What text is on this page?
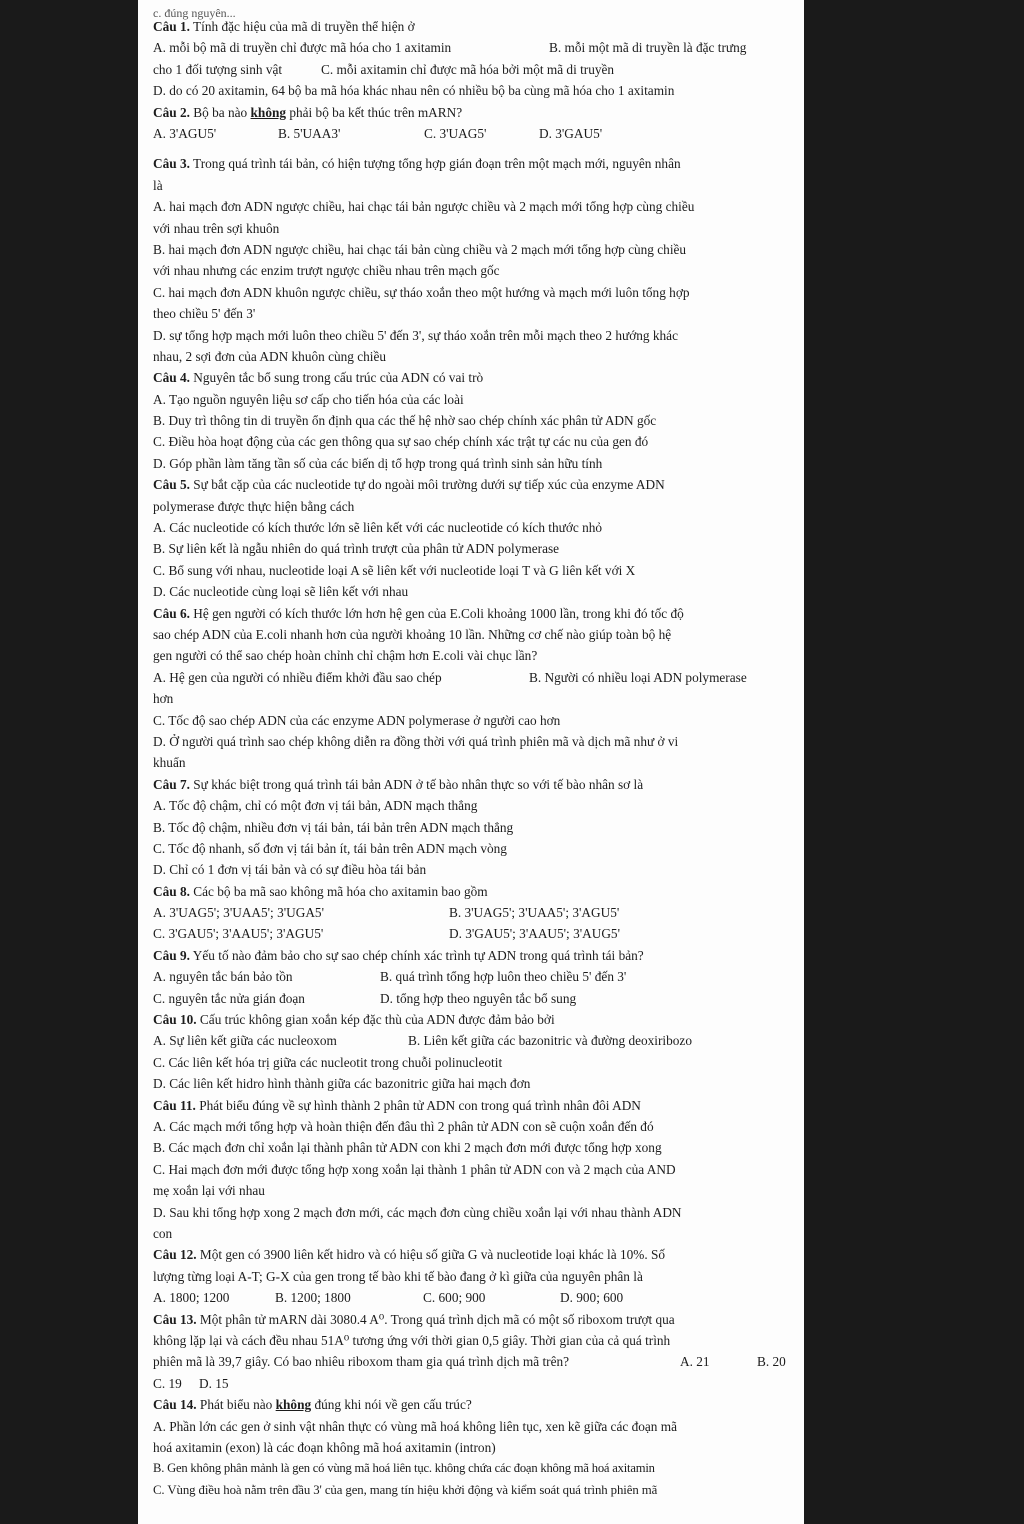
c. đúng nguyên...
Câu 1. Tính đặc hiệu của mã di truyền thể hiện ở
A. mỗi bộ mã di truyền chỉ được mã hóa cho 1 axitamin	B. mỗi một mã di truyền là đặc trưng
cho 1 đối tượng sinh vật	C. mỗi axitamin chỉ được mã hóa bởi một mã di truyền
D. do có 20 axitamin, 64 bộ ba mã hóa khác nhau nên có nhiều bộ ba cùng mã hóa cho 1 axitamin
Câu 2. Bộ ba nào không phải bộ ba kết thúc trên mARN?
A. 3'AGU5'	B. 5'UAA3'	C. 3'UAG5'	D. 3'GAU5'
Câu 3. Trong quá trình tái bản, có hiện tượng tổng hợp gián đoạn trên một mạch mới, nguyên nhân
là
A. hai mạch đơn ADN ngược chiều, hai chạc tái bản ngược chiều và 2 mạch mới tổng hợp cùng chiều
với nhau trên sợi khuôn
B. hai mạch đơn ADN ngược chiều, hai chạc tái bản cùng chiều và 2 mạch mới tổng hợp cùng chiều
với nhau nhưng các enzim trượt ngược chiều nhau trên mạch gốc
C. hai mạch đơn ADN khuôn ngược chiều, sự tháo xoắn theo một hướng và mạch mới luôn tổng hợp
theo chiều 5' đến 3'
D. sự tổng hợp mạch mới luôn theo chiều 5' đến 3', sự tháo xoắn trên mỗi mạch theo 2 hướng khác
nhau, 2 sợi đơn của ADN khuôn cùng chiều
Câu 4. Nguyên tắc bổ sung trong cấu trúc của ADN có vai trò
A. Tạo nguồn nguyên liệu sơ cấp cho tiến hóa của các loài
B. Duy trì thông tin di truyền ổn định qua các thế hệ nhờ sao chép chính xác phân tử ADN gốc
C. Điều hòa hoạt động của các gen thông qua sự sao chép chính xác trật tự các nu của gen đó
D. Góp phần làm tăng tần số của các biến dị tổ hợp trong quá trình sinh sản hữu tính
Câu 5. Sự bắt cặp của các nucleotide tự do ngoài môi trường dưới sự tiếp xúc của enzyme ADN
polymerase được thực hiện bằng cách
A. Các nucleotide có kích thước lớn sẽ liên kết với các nucleotide có kích thước nhỏ
B. Sự liên kết là ngẫu nhiên do quá trình trượt của phân tử ADN polymerase
C. Bổ sung với nhau, nucleotide loại A sẽ liên kết với nucleotide loại T và G liên kết với X
D. Các nucleotide cùng loại sẽ liên kết với nhau
Câu 6. Hệ gen người có kích thước lớn hơn hệ gen của E.Coli khoảng 1000 lần, trong khi đó tốc độ
sao chép ADN của E.coli nhanh hơn của người khoảng 10 lần. Những cơ chế nào giúp toàn bộ hệ
gen người có thể sao chép hoàn chỉnh chỉ chậm hơn E.coli vài chục lần?
A. Hệ gen của người có nhiều điểm khởi đầu sao chép	B. Người có nhiều loại ADN polymerase
hơn
C. Tốc độ sao chép ADN của các enzyme ADN polymerase ở người cao hơn
D. Ở người quá trình sao chép không diễn ra đồng thời với quá trình phiên mã và dịch mã như ở vi
khuẩn
Câu 7. Sự khác biệt trong quá trình tái bản ADN ở tế bào nhân thực so với tế bào nhân sơ là
A. Tốc độ chậm, chỉ có một đơn vị tái bản, ADN mạch thẳng
B. Tốc độ chậm, nhiều đơn vị tái bản, tái bản trên ADN mạch thẳng
C. Tốc độ nhanh, số đơn vị tái bản ít, tái bản trên ADN mạch vòng
D. Chỉ có 1 đơn vị tái bản và có sự điều hòa tái bản
Câu 8. Các bộ ba mã sao không mã hóa cho axitamin bao gồm
A. 3'UAG5'; 3'UAA5'; 3'UGA5'	B. 3'UAG5'; 3'UAA5'; 3'AGU5'
C. 3'GAU5'; 3'AAU5'; 3'AGU5'	D. 3'GAU5'; 3'AAU5'; 3'AUG5'
Câu 9. Yếu tố nào đảm bảo cho sự sao chép chính xác trình tự ADN trong quá trình tái bản?
A. nguyên tắc bán bảo tồn	B. quá trình tổng hợp luôn theo chiều 5' đến 3'
C. nguyên tắc nửa gián đoạn	D. tổng hợp theo nguyên tắc bổ sung
Câu 10. Cấu trúc không gian xoắn kép đặc thù của ADN được đảm bảo bởi
A. Sự liên kết giữa các nucleoxom	B. Liên kết giữa các bazonitric và đường deoxiribozo
C. Các liên kết hóa trị giữa các nucleotit trong chuỗi polinucleotit
D. Các liên kết hidro hình thành giữa các bazonitric giữa hai mạch đơn
Câu 11. Phát biểu đúng về sự hình thành 2 phân tử ADN con trong quá trình nhân đôi ADN
A. Các mạch mới tổng hợp và hoàn thiện đến đâu thì 2 phân tử ADN con sẽ cuộn xoắn đến đó
B. Các mạch đơn chỉ xoắn lại thành phân tử ADN con khi 2 mạch đơn mới được tổng hợp xong
C. Hai mạch đơn mới được tổng hợp xong xoắn lại thành 1 phân tử ADN con và 2 mạch của AND
mẹ xoắn lại với nhau
D. Sau khi tổng hợp xong 2 mạch đơn mới, các mạch đơn cùng chiều xoắn lại với nhau thành ADN
con
Câu 12. Một gen có 3900 liên kết hidro và có hiệu số giữa G và nucleotide loại khác là 10%. Số
lượng từng loại A-T; G-X của gen trong tế bào khi tế bào đang ở kì giữa của nguyên phân là
A. 1800; 1200	B. 1200; 1800	C. 600; 900	D. 900; 600
Câu 13. Một phân tử mARN dài 3080.4 A⁰. Trong quá trình dịch mã có một số riboxom trượt qua
không lặp lại và cách đều nhau 51A⁰ tương ứng với thời gian 0,5 giây. Thời gian của cả quá trình
phiên mã là 39,7 giây. Có bao nhiêu riboxom tham gia quá trình dịch mã trên?	A. 21	B. 20
C. 19	D. 15
Câu 14. Phát biểu nào không đúng khi nói về gen cấu trúc?
A. Phần lớn các gen ở sinh vật nhân thực có vùng mã hoá không liên tục, xen kẽ giữa các đoạn mã
hoá axitamin (exon) là các đoạn không mã hoá axitamin (intron)
B. Gen không phân mảnh là gen có vùng mã hoá liên tục. không chứa các đoạn không mã hoá axitamin
C. Vùng điều hoà nằm trên đầu 3' của gen, mang tín hiệu khởi động và kiểm soát quá trình phiên mã
